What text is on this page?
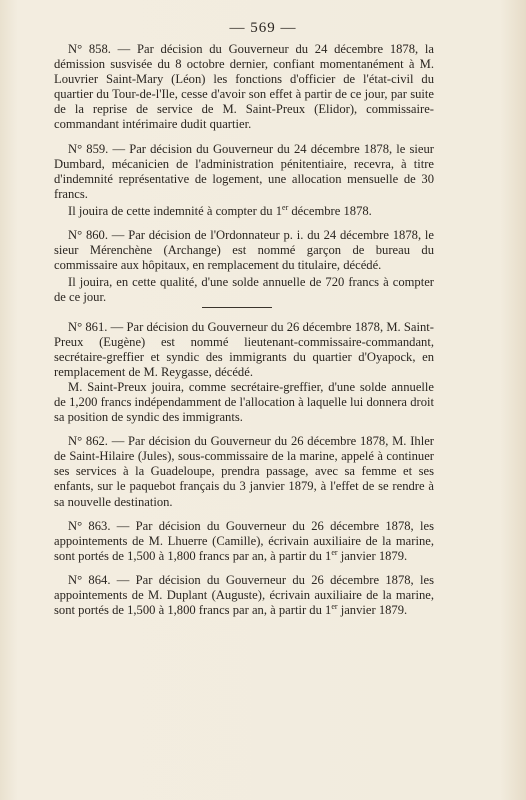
— 569 —

N° 858. — Par décision du Gouverneur du 24 décembre 1878, la démission susvisée du 8 octobre dernier, confiant momentanément à M. Louvrier Saint-Mary (Léon) les fonctions d'officier de l'état-civil du quartier du Tour-de-l'Ile, cesse d'avoir son effet à partir de ce jour, par suite de la reprise de service de M. Saint-Preux (Elidor), commissaire-commandant intérimaire dudit quartier.

N° 859. — Par décision du Gouverneur du 24 décembre 1878, le sieur Dumbard, mécanicien de l'administration pénitentiaire, recevra, à titre d'indemnité représentative de logement, une allocation mensuelle de 30 francs.

Il jouira de cette indemnité à compter du 1er décembre 1878.

N° 860. — Par décision de l'Ordonnateur p. i. du 24 décembre 1878, le sieur Mérenchène (Archange) est nommé garçon de bureau du commissaire aux hôpitaux, en remplacement du titulaire, décédé.

Il jouira, en cette qualité, d'une solde annuelle de 720 francs à compter de ce jour.

N° 861. — Par décision du Gouverneur du 26 décembre 1878, M. Saint-Preux (Eugène) est nommé lieutenant-commissaire-commandant, secrétaire-greffier et syndic des immigrants du quartier d'Oyapock, en remplacement de M. Reygasse, décédé.

M. Saint-Preux jouira, comme secrétaire-greffier, d'une solde annuelle de 1,200 francs indépendamment de l'allocation à laquelle lui donnera droit sa position de syndic des immigrants.

N° 862. — Par décision du Gouverneur du 26 décembre 1878, M. Ihler de Saint-Hilaire (Jules), sous-commissaire de la marine, appelé à continuer ses services à la Guadeloupe, prendra passage, avec sa femme et ses enfants, sur le paquebot français du 3 janvier 1879, à l'effet de se rendre à sa nouvelle destination.

N° 863. — Par décision du Gouverneur du 26 décembre 1878, les appointements de M. Lhuerre (Camille), écrivain auxiliaire de la marine, sont portés de 1,500 à 1,800 francs par an, à partir du 1er janvier 1879.

N° 864. — Par décision du Gouverneur du 26 décembre 1878, les appointements de M. Duplant (Auguste), écrivain auxiliaire de la marine, sont portés de 1,500 à 1,800 francs par an, à partir du 1er janvier 1879.
